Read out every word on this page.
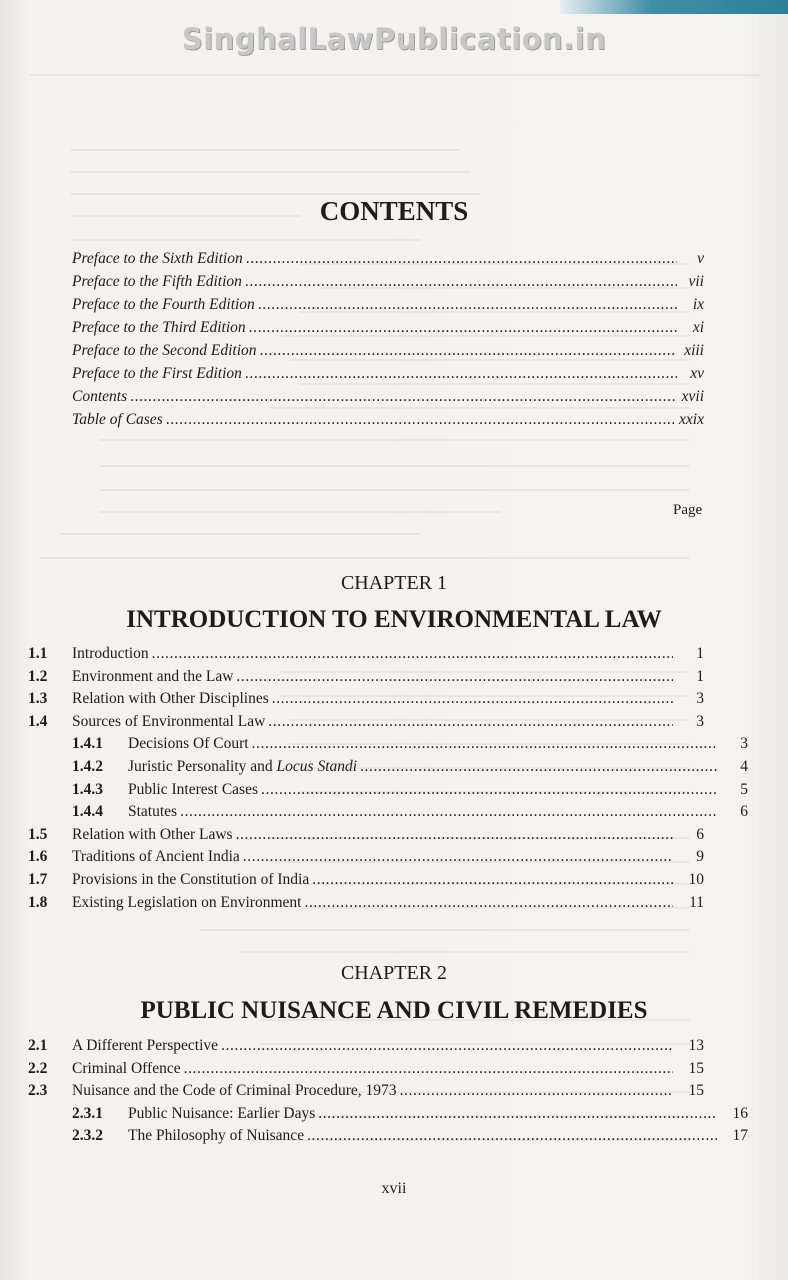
SinghalLawPublication.in
CONTENTS
Preface to the Sixth Edition .....	v
Preface to the Fifth Edition .....	vii
Preface to the Fourth Edition .....	ix
Preface to the Third Edition .....	xi
Preface to the Second Edition .....	xiii
Preface to the First Edition .....	xv
Contents .....	xvii
Table of Cases .....	xxix
Page
CHAPTER 1
INTRODUCTION TO ENVIRONMENTAL LAW
1.1	Introduction .....	1
1.2	Environment and the Law .....	1
1.3	Relation with Other Disciplines .....	3
1.4	Sources of Environmental Law .....	3
1.4.1	Decisions Of Court .....	3
1.4.2	Juristic Personality and Locus Standi .....	4
1.4.3	Public Interest Cases .....	5
1.4.4	Statutes .....	6
1.5	Relation with Other Laws .....	6
1.6	Traditions of Ancient India .....	9
1.7	Provisions in the Constitution of India .....	10
1.8	Existing Legislation on Environment .....	11
CHAPTER 2
PUBLIC NUISANCE AND CIVIL REMEDIES
2.1	A Different Perspective .....	13
2.2	Criminal Offence .....	15
2.3	Nuisance and the Code of Criminal Procedure, 1973 .....	15
2.3.1	Public Nuisance: Earlier Days .....	16
2.3.2	The Philosophy of Nuisance .....	17
xvii
